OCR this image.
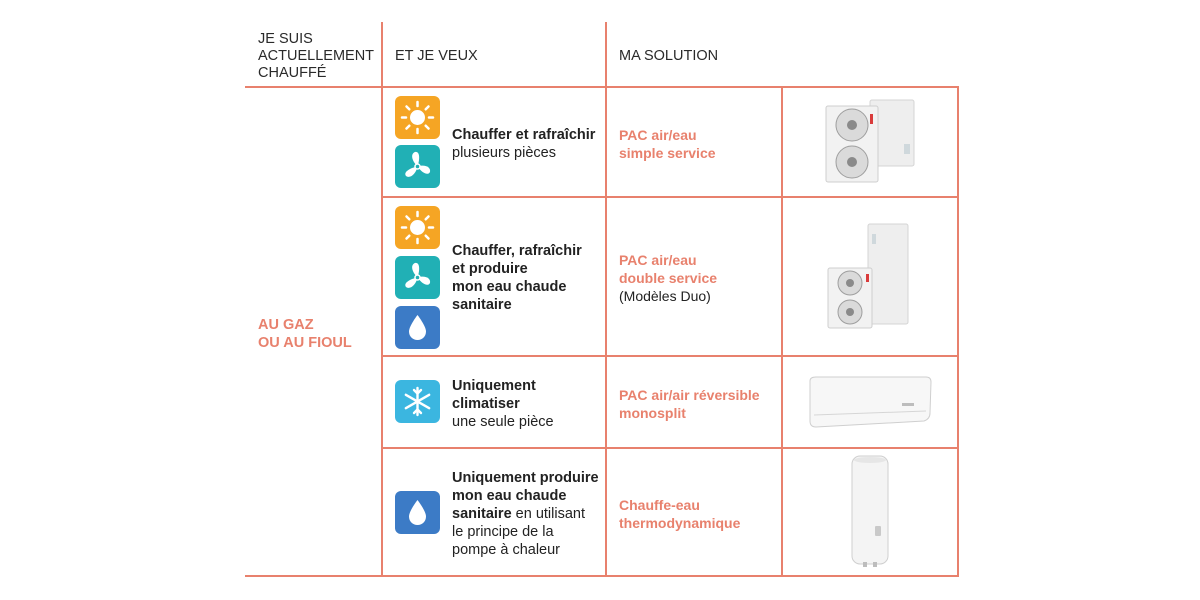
JE SUIS
ACTUELLEMENT
CHAUFFÉ
ET JE VEUX	MA SOLUTION
AU GAZ
OU AU FIOUL
Chauffer et rafraîchir
plusieurs pièces
PAC air/eau
simple service
Chauffer, rafraîchir
et produire
mon eau chaude
sanitaire
PAC air/eau
double service
(Modèles Duo)
Uniquement
climatiser
une seule pièce
PAC air/air réversible
monosplit
Uniquement produire
mon eau chaude
sanitaire en utilisant
le principe de la
pompe à chaleur
Chauffe-eau
thermodynamique
